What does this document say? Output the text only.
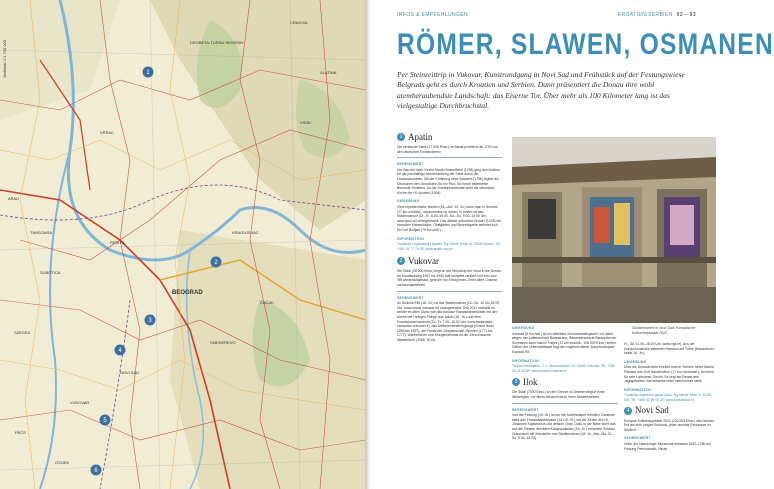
1
2
3
4
5
6
Maßstab 1:1 750 000
ARAD
TIMIȘOARA
BEOGRAD
SZEGED
NOVI SAD
REȘIȚA
DROBETA-TURNU SEVERIN
KRAGUJEVAC
ČAČAK
CRAIOVA
SLATINA
VIDIN
VRŠAC
SUBOTICA
PEČS
OSIJEK
VUKOVAR
SMEDEREVO
INFOS & EMPFEHLUNGEN	KROATIEN/SERBIEN 92 – 93
RÖMER, SLAWEN, OSMANEN

Per Steinzeittrip in Vukovar, Kunstrundgang in Novi Sad und Frühstück auf der Festungswiese Belgrads geht es durch Kroatien und Serbien. Dann präsentiert die Donau ihre wohl atemberaubendste Landschaft: das Eiserne Tor. Über mehr als 100 Kilometer lang ist das vielgestaltige Durchbruchstal.

1 Apatin

Die serbische Stadt (17 000 Einw.) im Banat profitierte ab 1750 von den deutschen Einwanderern.

SEHENSWERT

Der Bau der kath. Kirche Mariä Himmelfahrt (1798) ging dem Aufbau für die planmäßige Neubesiedlung der Stadt durch die Donauschwaben. Mit der Eröffnung einer Brauerei (1756) legten die Deutschen den Grundstein für ein Pivo, bis heute beliebteste Biersorte Serbiens. An der Donaupromenade steht die orthodoxe Kirche der Hl. Apostel (1906).

UMGEBUNG

Viele repräsentative Bauten (18.–Anf. 20. Jh.) kann man in Sombor (17 km nordöstl., www.sombor.rs) sehen. In einem ist das Stadtmuseum (Di.–Fr. 8.30–19.00, Sa.–So. 9.00–13.00 Uhr, www.gmu.rs) untergebracht. Das älteste orthodoxe Kloster (1478) mit barocken Marienkirche, Obstgärten und Mineralquelle befindet sich im Dorf Bođjani (70 km südl.).

INFORMATION

Turistička Organizacija Apatin, Trg Nikole Tesle 14, 25260 Apatin, Tel. +381 25 77 75 55, www.apatin.org.rs

2 Vukovar

Die Stadt (28 000 Einw.) liegt an der Mündung der Vuka in die Donau. Im Kroatienkrieg 1991 bis 1995 fast komplett zerstört und erst zum Teil wiederaufgebaut, geht sie nur Erfolg lesen, ihren alten Charme zurückzugewinnen.

SEHENSWERT

Im Schloss Eltz (18. Jh.) ist das Stadtmuseum (Di.–So. 10.00–18.00 Uhr, www.muzej-vukovar.hr) untergebracht. Seit 2011 erstrahlt es wieder im alten Glanz wie das barocke Franziskanerkloster mit der Kirche der Heiligen Philipp und Jakob (18. Jh.) und dem Franziskanermuseum (Di.–Fr. 7.00–15.00 Uhr, www.franjevacki-samostan-vukovar.hr), das Artilleriehemdlehrgangs (Grand Hotel, 1895 bis 1897), der Palast der Gespanschaft Syrmien (1771 bis 1777). Wahrzeichen und Kriegsmahnmal ist der Zerschossene Wasserturm (1968, 50 m).

Straßenszene in Novi Sad, europäische Kulturhauptstadt 2022
UMGEBUNG

Vučedol (6 km östl.) ist ein beliebtes Sommerausflugsziel, vor allem wegen der Adlerinsel mit Badestrand. Bemerkenswerte Bauwerke der Sezession kann man in Osijek (37 km südöstl., 108 000 Einw.) sehen. Östlich der Unterstädtstadt liegt der vogelorientierte Sumpfnaturpark Kopački Rit.

INFORMATION

Tourist-Information, J. J. Strossmayera 15, 32000 Vukovar, Tel. +385 32 44 28 89, www.turizamvukovar.hr

3 Ilok

Die Stadt (7000 Einw.) an der Grenze zu Serbien liegt in einer Weinregion, vor allem bekannt durch ihren Dessertweinen.

SEHENSWERT

Von der Festung (15. Jh.) ist nur die Außenmauer erhalten. Daneben steht das Franziskanerkloster (14./19. Jh.) mit der Kirche des Hl. Johannes Kapistranus und dessen Grab. Dazu in der Nähe steht das auf den Resten des alten Königspalastes (15. Jh.) errichtete Schloss Odescalchi mit Weinkeller und Stadtmuseum (18. Jh., Mai–Okt. Di.–So. 9.00–16.00).

Fr., Sa. 11.00–18.00 Uhr, www.mgi.hr). Aus der Donaumonarchie stammen Hamam und Türbe (Mausoleum, beide 16. Jh.).

UMGEBUNG

Über die Donaubrücke erreicht man in Serbien hinter Bačka Palanka das Dorf Karađorđevo (17 km nordwestl.), berühmt für sein Lipizzaner-Gestüt. Es liegt am Rande des Jagdgebietes, das teilweise unter Naturschutz steht.

INFORMATION

Turistička zajednica grada Iloka, Trg Nikole Tesle 5, 32236 Ilok, Tel. +385 32 59 00 20, www.turizamilok.hr

4 Novi Sad

Europas Kulturhauptstadt 2022 (232 000 Einw.) wird seinem Ruf als sehr jungen Einbruck, jeder sechste Einwohner ist Student.

SEHENSWERT

Unter der Habsburger Monarchie entstand 1692–1780 die Festung Petrovaradin. Heute
